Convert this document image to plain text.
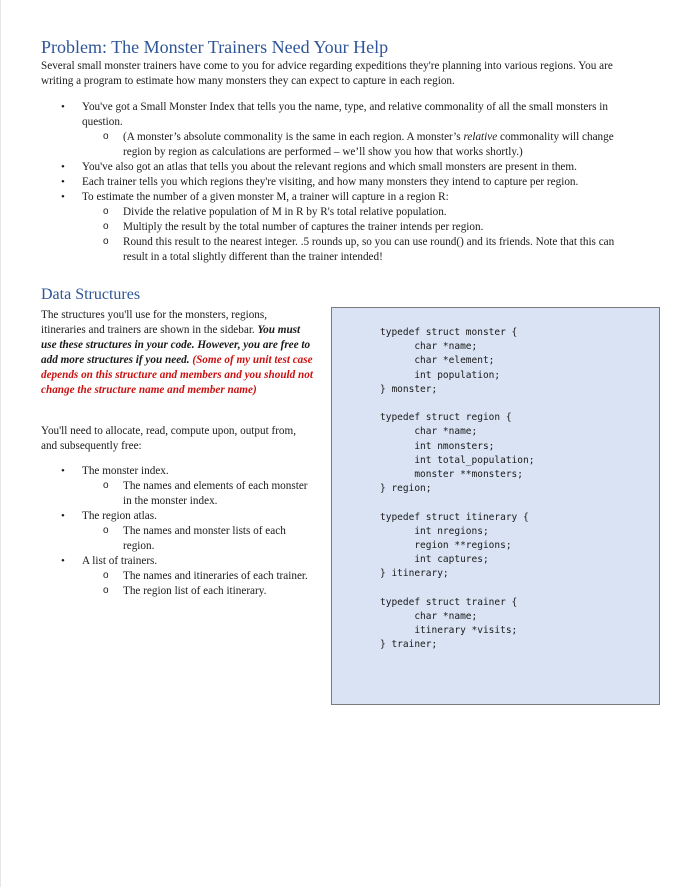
Problem: The Monster Trainers Need Your Help
Several small monster trainers have come to you for advice regarding expeditions they're planning into various regions. You are writing a program to estimate how many monsters they can expect to capture in each region.
• You've got a Small Monster Index that tells you the name, type, and relative commonality of all the small monsters in question.
o (A monster’s absolute commonality is the same in each region. A monster’s relative commonality will change region by region as calculations are performed – we’ll show you how that works shortly.)
• You've also got an atlas that tells you about the relevant regions and which small monsters are present in them.
• Each trainer tells you which regions they're visiting, and how many monsters they intend to capture per region.
• To estimate the number of a given monster M, a trainer will capture in a region R:
o Divide the relative population of M in R by R's total relative population.
o Multiply the result by the total number of captures the trainer intends per region.
o Round this result to the nearest integer. .5 rounds up, so you can use round() and its friends. Note that this can result in a total slightly different than the trainer intended!
Data Structures
The structures you'll use for the monsters, regions, itineraries and trainers are shown in the sidebar. You must use these structures in your code. However, you are free to add more structures if you need. (Some of my unit test case depends on this structure and members and you should not change the structure name and member name)
You'll need to allocate, read, compute upon, output from, and subsequently free:
• The monster index.
o The names and elements of each monster in the monster index.
• The region atlas.
o The names and monster lists of each region.
• A list of trainers.
o The names and itineraries of each trainer.
o The region list of each itinerary.
typedef struct monster {
char *name;
char *element;
int population;
} monster;

typedef struct region {
char *name;
int nmonsters;
int total_population;
monster **monsters;
} region;

typedef struct itinerary {
int nregions;
region **regions;
int captures;
} itinerary;

typedef struct trainer {
char *name;
itinerary *visits;
} trainer;
